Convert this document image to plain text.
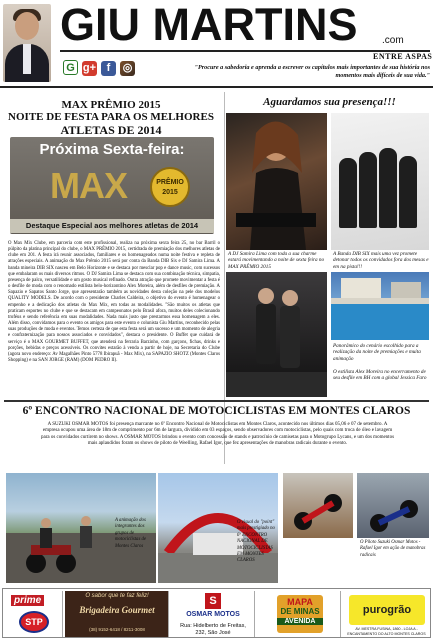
GIU MARTINS .com
ENTRE ASPAS
G g+ f ◎	"Procure a sabedoria e aprenda a escrever os capítulos mais importantes de sua história nos momentos mais difíceis de sua vida."
MAX PRÊMIO 2015
NOITE DE FESTA PARA OS MELHORES
ATLETAS DE 2014
Próxima Sexta-feira:
MAX	PRÊMIO 2015
Destaque Especial aos melhores atletas de 2014
O Max Mix Clube, em parceria com este profissional, realiza na próxima sexta feira 25, no bar Barril o púlpito da platina principal do clube, o MAX PRÊMIO 2015, certidrada de premiação dos melhores atletas de clube em 201. A festa irá reunir associados, familiares e os homenageados numa noite festiva e repleta de atrações especiais. A animação do Max Prêmio 2015 será por conta da Banda DIB Six e DJ Samira Lima. A banda mineira DIB SIX nasceu em Belo Horizonte e se destaca por mesclar pop e dance music, com sucessos que embalaram os mais diversos ritmos. O DJ Samira Lima se destaca com sua combinação técnica, simpatia, presença de palco, versatilidade e um gosto musical refinado. Outra atração que promete movimentar a festa é o desfile de moda com o renomado estilista belo-horizontino Alex Moreira, além de desfiles de premiação. A Sapazio e Sapatos Santo Jorge, que apresentarão também as novidades desta coleção na pele dos modelos QUALITY MODELS. De acordo com o presidente Charles Caldeira, o objetivo do evento é homenagear o empenho e a dedicação dos atletas do Max Mix, em todas as modalidades. "São muitos os atletas que praticam esportes no clube e que se destacam em campeonatos pelo Brasil afora, muitos deles colecionando troféus e sendo referência em suas modalidades. Nada mais justo que prestarmos essa homenagem a eles. Além disso, convidamos para o evento os amigos para este evento e colunista Giu Martins, reconhecido pelas suas produções de moda e eventos. Temos certeza de que esta festa será um sucesso e um momento de alegria e confraternização para nossos associados e convidados", destaca o presidente. O Buffet que cuidará de serviço é o MAX GOURMET BUFFET, que atenderá na ferraria Barzinho, com garçons, fichas, drinks e porções, bebidas e preços acessíveis. Os convites estarão à venda a partir de hoje, na Secretaria do Clube (agora novo endereço: Av Magalhães Pinto 5778 Ibirapuã - Max Mix), na SAPAZIO SHOTZ (Montes Claros Shopping) e na SAN JORGE (RAM) (DOM PEDRO II).
Aguardamos sua presença!!!
A DJ Samira Lima com toda a sua charme estará movimentando a noite de sexta feira no MAX PRÊMIO 2015
A Banda DIB SIX mais uma vez promete detonar todos os convidados fora dos mesas e em na pista!!!
Panorâmico do cenário escolhido para a realização da noite de premiações e muita animação

O estilista Alex Moreira no encerramento de seu desfile em BH com a global Jessica Faro
6º ENCONTRO NACIONAL DE MOTOCICLISTAS EM MONTES CLAROS
A SUZUKI OSMAR MOTOS foi presença marcante no 6º Encontro Nacional de Motociclistas em Montes Claros, acontecido nos últimos dias 05,06 e 07 de setembro. A empresa ocupou uma área de 18m de comprimento por 6m de largura, dividido em 03 espaços, sendo observadores com motociclistas, pelo quais com troca de óleo e lavagem para os convidados curtirem no shows. A OSMAR MOTOS brindou o evento com concessão de stands e patrocínio de camisetas para o Motogrupo Lycans, e um dos momentos mais aplaudidos foram os shows de piloto de Weelling, Rafael Igor, que fez apresentações de manobras radicais durante o evento.
A animação dos integrantes dos grupos de motociclistas de Montes Claros
O visual do "point" mais prestigiado no 6º ENCONTRO NACIONAL DE MOTOCICLISTAS EM MONTES CLAROS
O Piloto Suzuki Osmar Motos - Rafael Igor em ação de manobras radicais
prime
STP
O sabor que te faz feliz!
Brigadeira Gourmet
(38) 9152-6418 / 8211-3008
S
OSMAR MOTOS
Rua: Hidelberto de Freitas,
232, São José
MAPA
DE MINAS
AVENIDA
purogrão
AV. MESTRA FUSINA, 1860 - LOJA A - ENCANTAMENTO DO ALTO MONTES CLAROS
